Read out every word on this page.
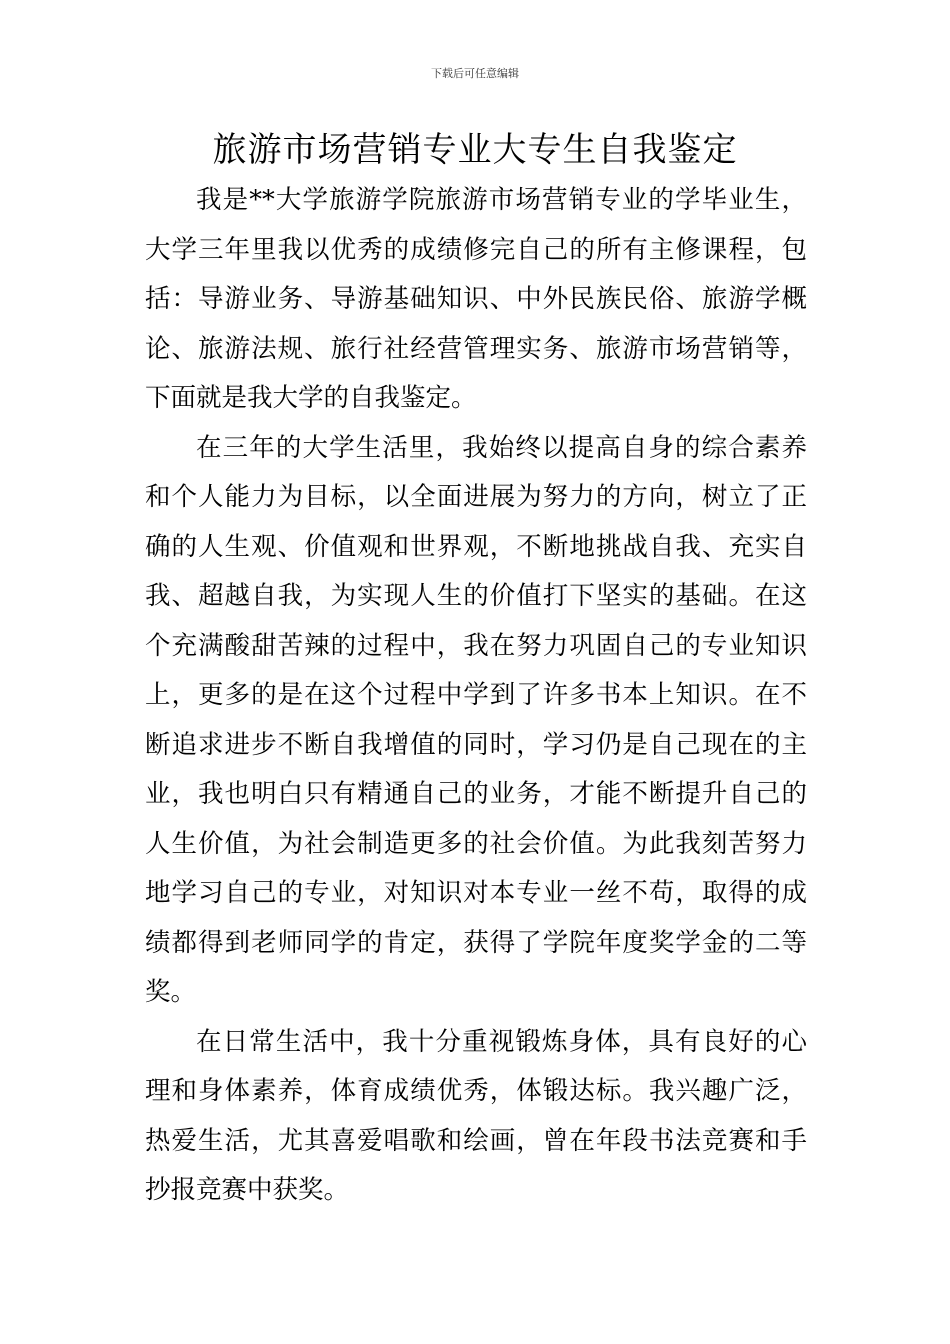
下载后可任意编辑
旅游市场营销专业大专生自我鉴定

我是**大学旅游学院旅游市场营销专业的学毕业生，大学三年里我以优秀的成绩修完自己的所有主修课程，包括：导游业务、导游基础知识、中外民族民俗、旅游学概论、旅游法规、旅行社经营管理实务、旅游市场营销等，下面就是我大学的自我鉴定。

在三年的大学生活里，我始终以提高自身的综合素养和个人能力为目标，以全面进展为努力的方向，树立了正确的人生观、价值观和世界观，不断地挑战自我、充实自我、超越自我，为实现人生的价值打下坚实的基础。在这个充满酸甜苦辣的过程中，我在努力巩固自己的专业知识上，更多的是在这个过程中学到了许多书本上知识。在不断追求进步不断自我增值的同时，学习仍是自己现在的主业，我也明白只有精通自己的业务，才能不断提升自己的人生价值，为社会制造更多的社会价值。为此我刻苦努力地学习自己的专业，对知识对本专业一丝不苟，取得的成绩都得到老师同学的肯定，获得了学院年度奖学金的二等奖。

在日常生活中，我十分重视锻炼身体，具有良好的心理和身体素养，体育成绩优秀，体锻达标。我兴趣广泛，热爱生活，尤其喜爱唱歌和绘画，曾在年段书法竞赛和手抄报竞赛中获奖。
